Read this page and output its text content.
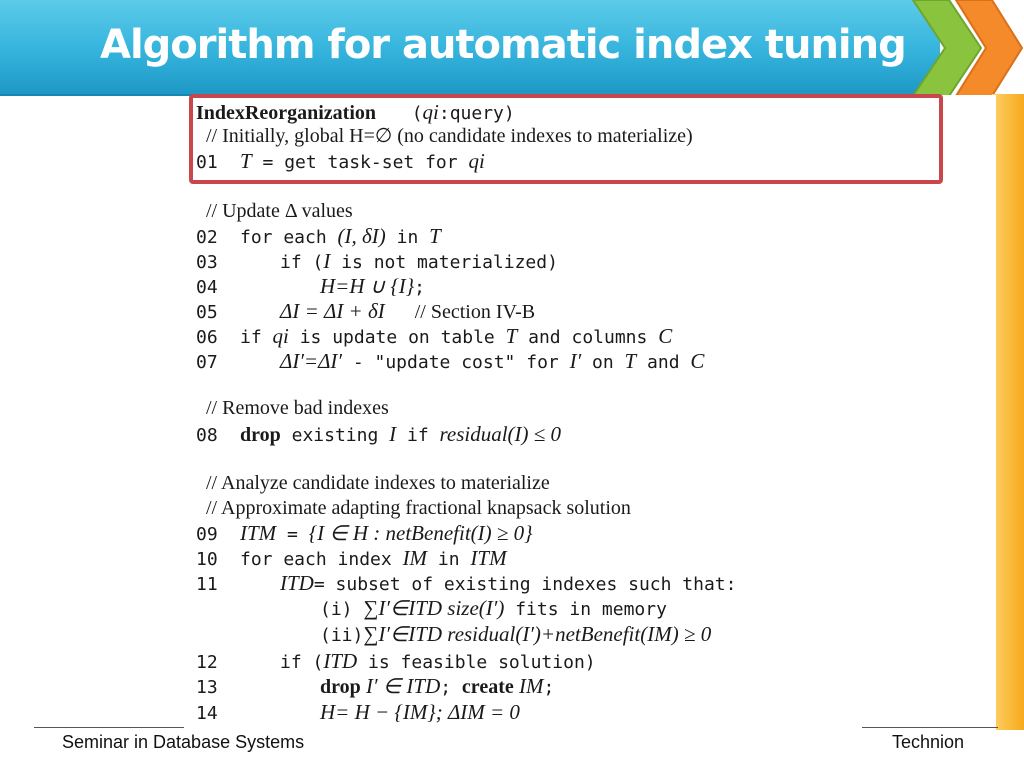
Algorithm for automatic index tuning
IndexReorganization (qi:query)
// Initially, global H=∅ (no candidate indexes to materialize)
01 T = get task-set for qi
// Update Δ values
02 for each (I, δI) in T
03	if (I is not materialized)
04	H=H ∪ {I};
05	ΔI = ΔI + δI // Section IV-B
06 if qi is update on table T and columns C
07	ΔI′=ΔI′ - "update cost" for I′ on T and C
// Remove bad indexes
08 drop existing I if residual(I) ≤ 0
// Analyze candidate indexes to materialize
// Approximate adapting fractional knapsack solution
09 ITM = {I ∈ H : netBenefit(I) ≥ 0}
10 for each index IM in ITM
11	ITD= subset of existing indexes such that:
(i) ∑I′∈ITD size(I′) fits in memory
(ii)∑I′∈ITD residual(I′)+netBenefit(IM) ≥ 0
12	if (ITD is feasible solution)
13	drop I′ ∈ ITD; create IM;
14	H= H − {IM}; ΔIM = 0
Seminar in Database Systems	Technion
